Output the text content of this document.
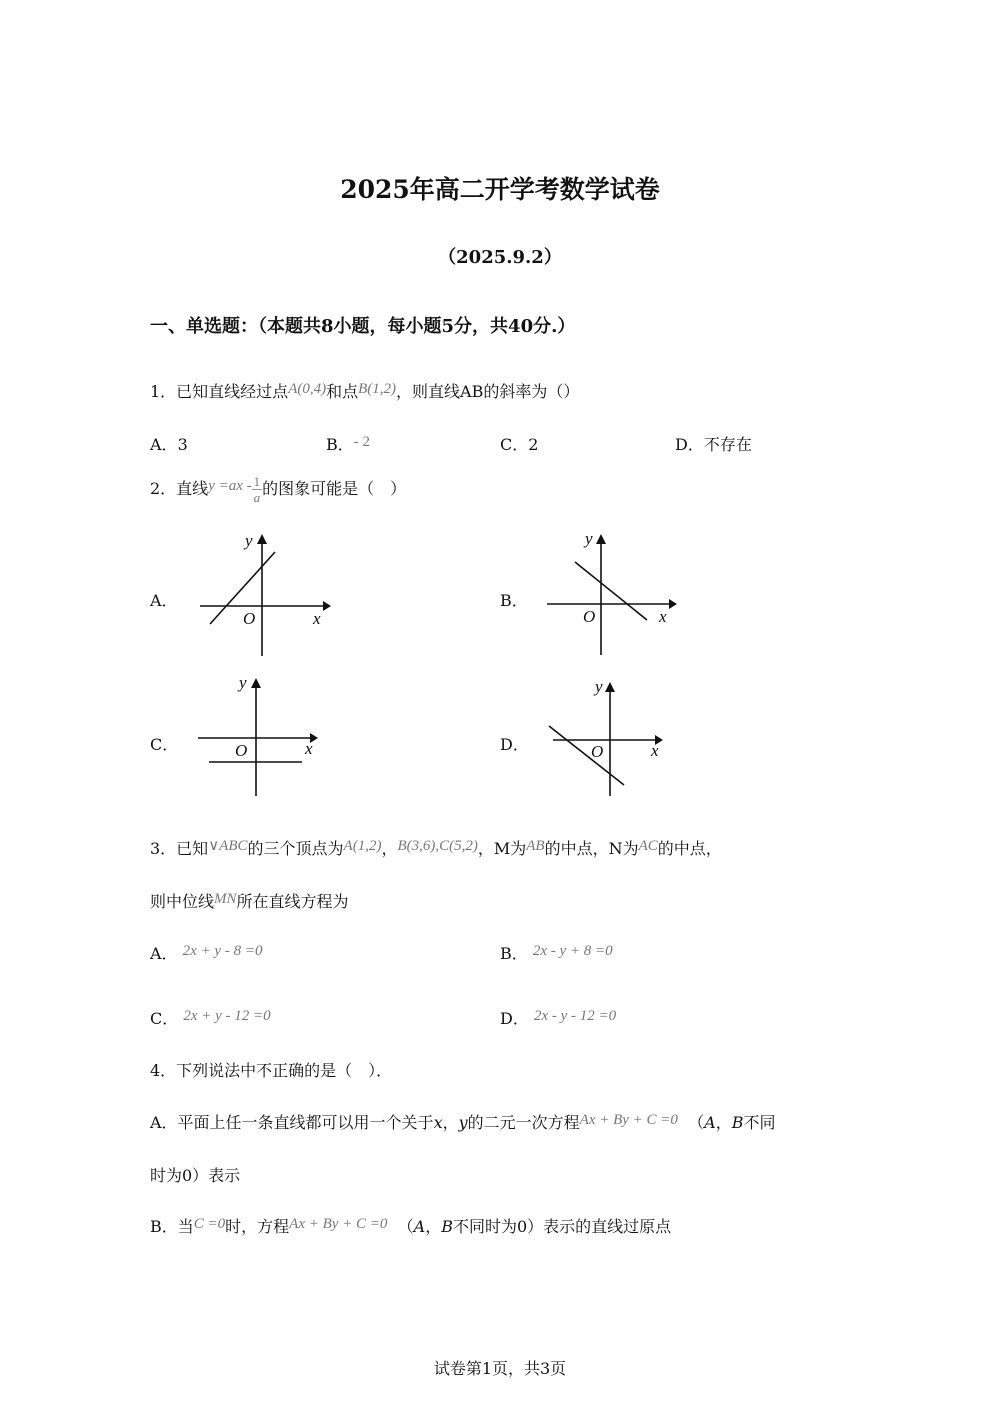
2025年高二开学考数学试卷
（2025.9.2）
一、单选题：（本题共8小题，每小题5分，共40分.）
1．已知直线经过点A(0,4)和点B(1,2)，则直线AB的斜率为（）
A．3	B．- 2	C．2	D．不存在
2．直线$y =ax - \frac{1}{a}$ 的图象可能是（　）
A．
y
x
O
B．
y
x
O
C．
y
x
O	D．
y
x
O
3．已知∨ABC的三个顶点为A(1,2)，B(3,6),C(5,2)，M为AB的中点，N为AC的中点，
则中位线MN所在直线方程为
A． 2x + y - 8 =0	B． 2x - y + 8 =0
C． 2x + y - 12 =0	D． 2x - y - 12 =0
4．下列说法中不正确的是（　）．
A．平面上任一条直线都可以用一个关于x，y的二元一次方程Ax + By + C =0 （A，B不同
时为0）表示
B．当C =0时，方程Ax + By + C =0 （A，B不同时为0）表示的直线过原点
试卷第1页，共3页
